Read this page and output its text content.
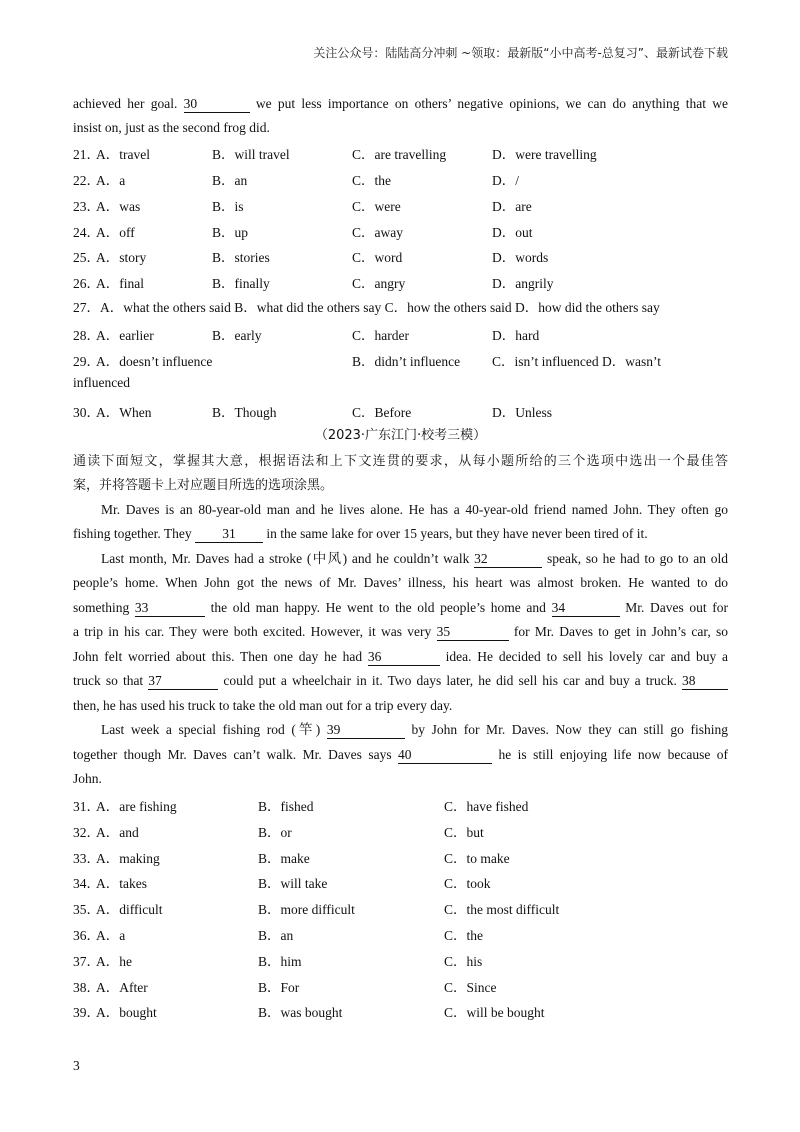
关注公众号：陆陆高分冲刺 ~领取：最新版“小中高考-总复习”、最新试卷下载
achieved her goal. 30	we put less importance on others’ negative opinions, we can do anything that we
insist on, just as the second frog did.
21．
A．travel	B．will travel	C．are travelling	D．were travelling
22．
A．a	B．an	C．the	D．/
23．
A．was	B．is	C．were	D．are
24．
A．off	B．up	C．away	D．out
25．
A．story	B．stories	C．word	D．words
26．
A．final	B．finally	C．angry	D．angrily
28．
A．earlier	B．early	C．harder	D．hard
27．A．what the others said B．what did the others say C．how the others said D．how did the others say
29．
A．doesn’t influence	B．didn’t influence C．isn’t influenced D．wasn’t
influenced
30．
A．When	B．Though	C．Before	D．Unless
（2023·广东江门·校考三模）
通读下面短文，掌握其大意，根据语法和上下文连贯的要求，从每小题所给的三个选项中选出一个最佳答
案，并将答题卡上对应题目所选的选项涂黑。
Mr. Daves is an 80-year-old man and he lives alone. He has a 40-year-old friend named John. They often go
fishing together. They 31 in the same lake for over 15 years, but they have never been tired of it.
Last month, Mr. Daves had a stroke (中风) and he couldn’t walk 32	speak, so he had to go to an old
people’s home. When John got the news of Mr. Daves’ illness, his heart was almost broken. He wanted to do
something 33	the old man happy. He went to the old people’s home and 34	Mr. Daves out for
a trip in his car. They were both excited. However, it was very 35	for Mr. Daves to get in John’s car, so
John felt worried about this. Then one day he had 36	idea. He decided to sell his lovely car and buy a
truck so that 37	could put a wheelchair in it. Two days later, he did sell his car and buy a truck. 38
then, he has used his truck to take the old man out for a trip every day.
Last week a special fishing rod (竿) 39	by John for Mr. Daves. Now they can still go fishing
together though Mr. Daves can’t walk. Mr. Daves says 40	he is still enjoying life now because of
John.
31．
A．are fishing	B．fished	C．have fished
32．
A．and	B．or	C．but
33．
A．making	B．make	C．to make
34．
A．takes	B．will take	C．took
35．
A．difficult	B．more difficult	C．the most difficult
36．
A．a	B．an	C．the
37．
A．he	B．him	C．his
38．
A．After	B．For	C．Since
39．
A．bought	B．was bought	C．will be bought
3
